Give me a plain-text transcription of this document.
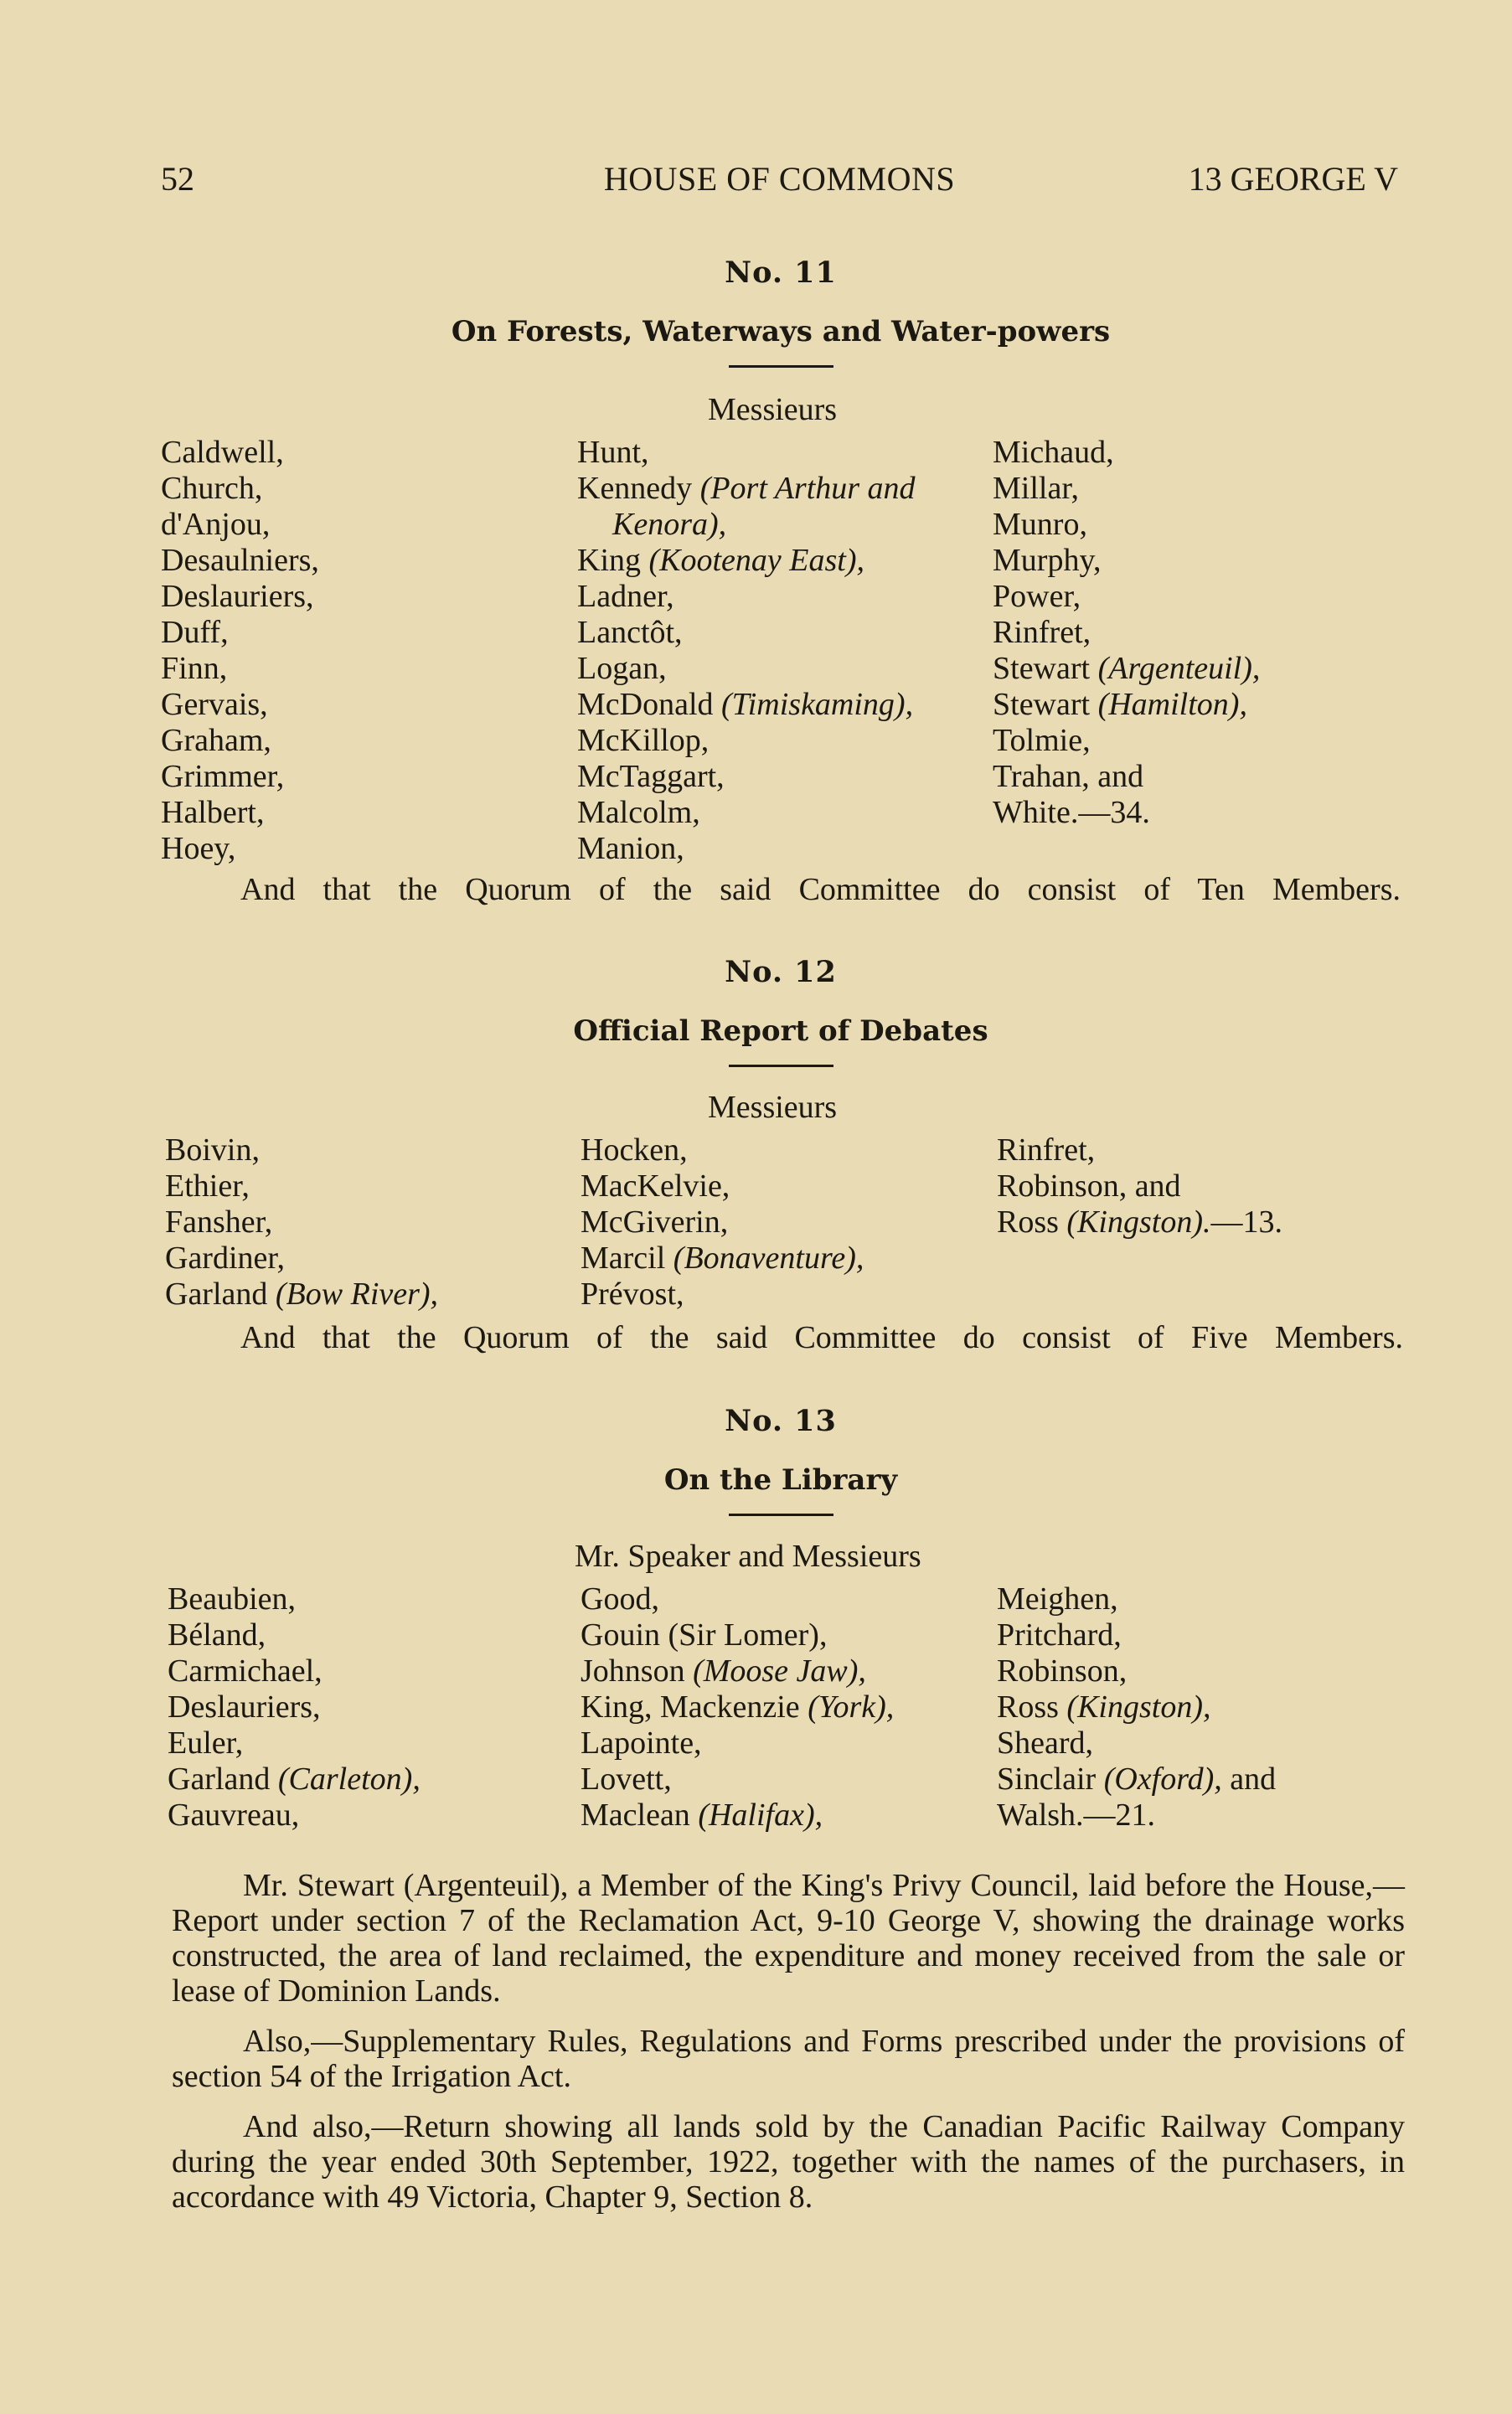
52	HOUSE OF COMMONS	13 GEORGE V
No. 11
On Forests, Waterways and Water-powers
Messieurs
Caldwell,
Church,
d'Anjou,
Desaulniers,
Deslauriers,
Duff,
Finn,
Gervais,
Graham,
Grimmer,
Halbert,
Hoey,
Hunt,
Kennedy (Port Arthur and
Kenora),
King (Kootenay East),
Ladner,
Lanctôt,
Logan,
McDonald (Timiskaming),
McKillop,
McTaggart,
Malcolm,
Manion,
Michaud,
Millar,
Munro,
Murphy,
Power,
Rinfret,
Stewart (Argenteuil),
Stewart (Hamilton),
Tolmie,
Trahan, and
White.—34.
And that the Quorum of the said Committee do consist of Ten Members.
No. 12
Official Report of Debates
Messieurs
Boivin,
Ethier,
Fansher,
Gardiner,
Garland (Bow River),
Hocken,
MacKelvie,
McGiverin,
Marcil (Bonaventure),
Prévost,
Rinfret,
Robinson, and
Ross (Kingston).—13.
And that the Quorum of the said Committee do consist of Five Members.
No. 13
On the Library
Mr. Speaker and Messieurs
Beaubien,
Béland,
Carmichael,
Deslauriers,
Euler,
Garland (Carleton),
Gauvreau,
Good,
Gouin (Sir Lomer),
Johnson (Moose Jaw),
King, Mackenzie (York),
Lapointe,
Lovett,
Maclean (Halifax),
Meighen,
Pritchard,
Robinson,
Ross (Kingston),
Sheard,
Sinclair (Oxford), and
Walsh.—21.

Mr. Stewart (Argenteuil), a Member of the King's Privy Council, laid before the House,—Report under section 7 of the Reclamation Act, 9-10 George V, showing the drainage works constructed, the area of land reclaimed, the expenditure and money received from the sale or lease of Dominion Lands.

Also,—Supplementary Rules, Regulations and Forms prescribed under the provisions of section 54 of the Irrigation Act.

And also,—Return showing all lands sold by the Canadian Pacific Railway Company during the year ended 30th September, 1922, together with the names of the purchasers, in accordance with 49 Victoria, Chapter 9, Section 8.
